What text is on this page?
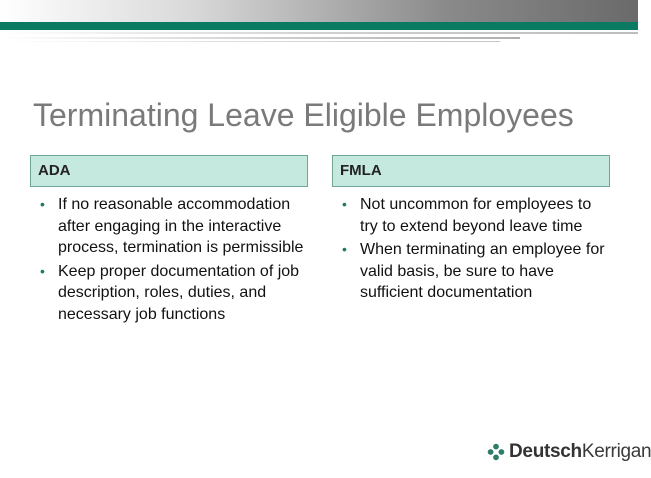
Terminating Leave Eligible Employees
ADA	FMLA
• If no reasonable accommodation after engaging in the interactive process, termination is permissible
• Keep proper documentation of job description, roles, duties, and necessary job functions
• Not uncommon for employees to try to extend beyond leave time
• When terminating an employee for valid basis, be sure to have sufficient documentation
DeutschKerrigan
